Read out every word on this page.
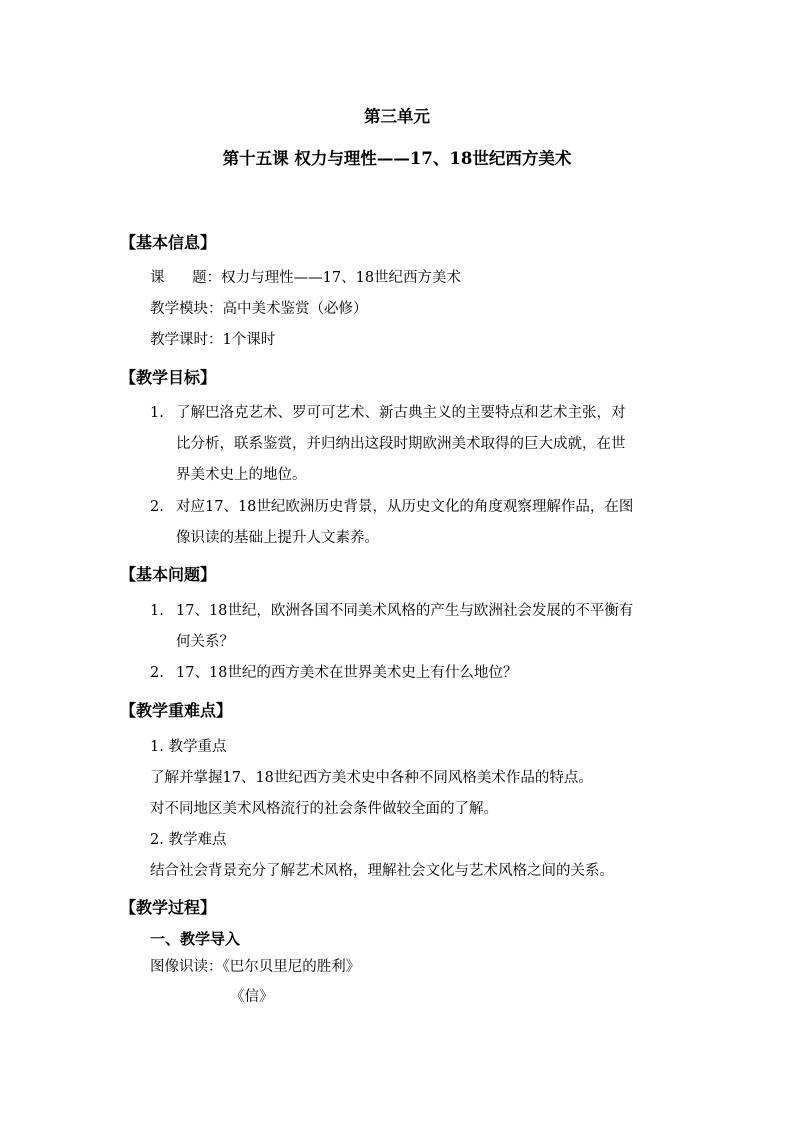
第三单元
第十五课 权力与理性——17、18世纪西方美术
【基本信息】
课      题：权力与理性——17、18世纪西方美术
教学模块：高中美术鉴赏（必修）
教学课时：1个课时
【教学目标】
1. 了解巴洛克艺术、罗可可艺术、新古典主义的主要特点和艺术主张，对
比分析，联系鉴赏，并归纳出这段时期欧洲美术取得的巨大成就，在世
界美术史上的地位。
2. 对应17、18世纪欧洲历史背景，从历史文化的角度观察理解作品，在图
像识读的基础上提升人文素养。
【基本问题】
1. 17、18世纪，欧洲各国不同美术风格的产生与欧洲社会发展的不平衡有
何关系？
2. 17、18世纪的西方美术在世界美术史上有什么地位？
【教学重难点】
1. 教学重点
了解并掌握17、18世纪西方美术史中各种不同风格美术作品的特点。
对不同地区美术风格流行的社会条件做较全面的了解。
2. 教学难点
结合社会背景充分了解艺术风格，理解社会文化与艺术风格之间的关系。
【教学过程】
一、教学导入
图像识读：《巴尔贝里尼的胜利》
《信》
